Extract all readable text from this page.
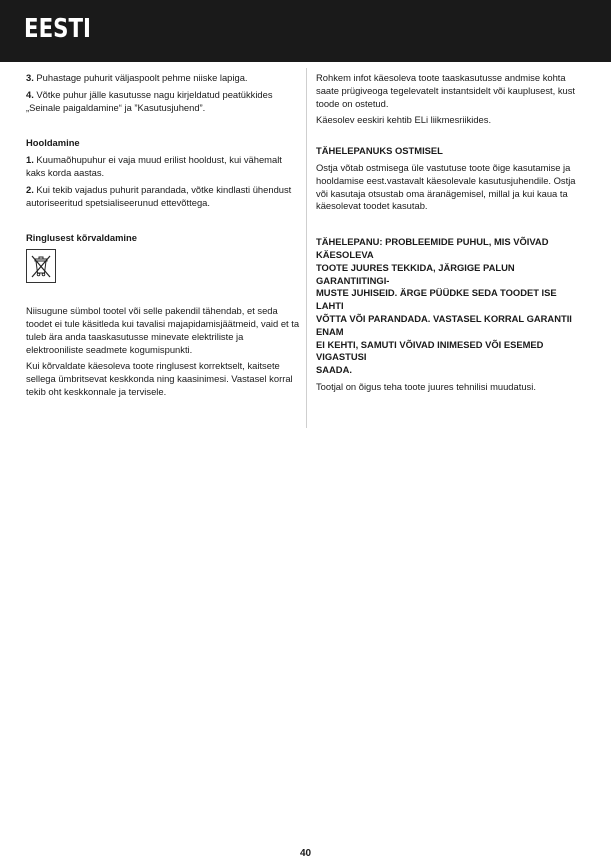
EESTI

3. Puhastage puhurit väljaspoolt pehme niiske lapiga.

4. Võtke puhur jälle kasutusse nagu kirjeldatud peatükkides „Seinale paigaldamine“ ja ”Kasutusjuhend”.

Hooldamine

1. Kuumaõhupuhur ei vaja muud erilist hooldust, kui vähemalt kaks korda aastas.

2. Kui tekib vajadus puhurit parandada, võtke kindlasti ühendust autoriseeritud spetsialiseerunud ettevõttega.

Ringlusest kõrvaldamine

Niisugune sümbol tootel või selle pakendil tähendab, et seda toodet ei tule käsitleda kui tavalisi majapidamisjäätmeid, vaid et ta tuleb ära anda taaskasutusse minevate elektriliste ja elektrooniliste seadmete kogumispunkti.

Kui kõrvaldate käesoleva toote ringlusest korrektselt, kaitsete sellega ümbritsevat keskkonda ning kaasinimesi. Vastasel korral tekib oht keskkonnale ja tervisele.

Rohkem infot käesoleva toote taaskasutusse andmise kohta saate prügiveoga tegelevatelt instantsidelt või kauplusest, kust toode on ostetud.

Käesolev eeskiri kehtib ELi liikmesriikides.

TÄHELEPANUKS OSTMISEL

Ostja võtab ostmisega üle vastutuse toote õige kasutamise ja hooldamise eest.vastavalt käesolevale kasutusjuhendile. Ostja või kasutaja otsustab oma äranägemisel, millal ja kui kaua ta käesolevat toodet kasutab.

TÄHELEPANU: PROBLEEMIDE PUHUL, MIS VÕIVAD KÄESOLEVA
TOOTE JUURES TEKKIDA, JÄRGIGE PALUN GARANTIITINGI-
MUSTE JUHISEID. ÄRGE PÜÜDKE SEDA TOODET ISE LAHTI
VÕTTA VÕI PARANDADA. VASTASEL KORRAL GARANTII ENAM
EI KEHTI, SAMUTI VÕIVAD INIMESED VÕI ESEMED VIGASTUSI
SAADA.

Tootjal on õigus teha toote juures tehnilisi muudatusi.

40
